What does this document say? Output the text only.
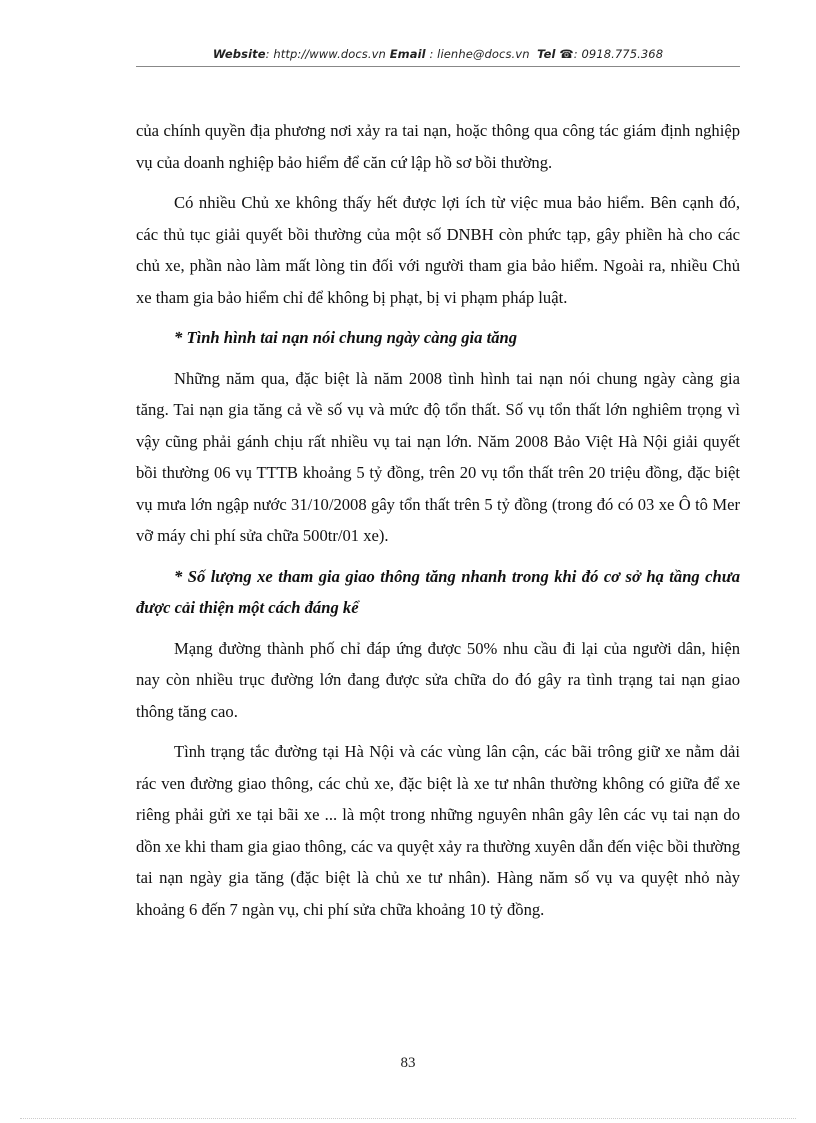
Website: http://www.docs.vn Email : lienhe@docs.vn Tel ☎: 0918.775.368

của chính quyền địa phương nơi xảy ra tai nạn, hoặc thông qua công tác giám định nghiệp vụ của doanh nghiệp bảo hiểm để căn cứ lập hồ sơ bồi thường.

Có nhiều Chủ xe không thấy hết được lợi ích từ việc mua bảo hiểm. Bên cạnh đó, các thủ tục giải quyết bồi thường của một số DNBH còn phức tạp, gây phiền hà cho các chủ xe, phần nào làm mất lòng tin đối với người tham gia bảo hiểm. Ngoài ra, nhiều Chủ xe tham gia bảo hiểm chỉ để không bị phạt, bị vi phạm pháp luật.

* Tình hình tai nạn nói chung ngày càng gia tăng

Những năm qua, đặc biệt là năm 2008 tình hình tai nạn nói chung ngày càng gia tăng. Tai nạn gia tăng cả về số vụ và mức độ tổn thất. Số vụ tổn thất lớn nghiêm trọng vì vậy cũng phải gánh chịu rất nhiều vụ tai nạn lớn. Năm 2008 Bảo Việt Hà Nội giải quyết bồi thường 06 vụ TTTB khoảng 5 tỷ đồng, trên 20 vụ tổn thất trên 20 triệu đồng, đặc biệt vụ mưa lớn ngập nước 31/10/2008 gây tổn thất trên 5 tỷ đồng (trong đó có 03 xe Ô tô Mer vỡ máy chi phí sửa chữa 500tr/01 xe).

* Số lượng xe tham gia giao thông tăng nhanh trong khi đó cơ sở hạ tầng chưa được cải thiện một cách đáng kể

Mạng đường thành phố chỉ đáp ứng được 50% nhu cầu đi lại của người dân, hiện nay còn nhiều trục đường lớn đang được sửa chữa do đó gây ra tình trạng tai nạn giao thông tăng cao.

Tình trạng tắc đường tại Hà Nội và các vùng lân cận, các bãi trông giữ xe nằm dải rác ven đường giao thông, các chủ xe, đặc biệt là xe tư nhân thường không có giữa để xe riêng phải gửi xe tại bãi xe ... là một trong những nguyên nhân gây lên các vụ tai nạn do dồn xe khi tham gia giao thông, các va quyệt xảy ra thường xuyên dẫn đến việc bồi thường tai nạn ngày gia tăng (đặc biệt là chủ xe tư nhân). Hàng năm số vụ va quyệt nhỏ này khoảng 6 đến 7 ngàn vụ, chi phí sửa chữa khoảng 10 tỷ đồng.

83
